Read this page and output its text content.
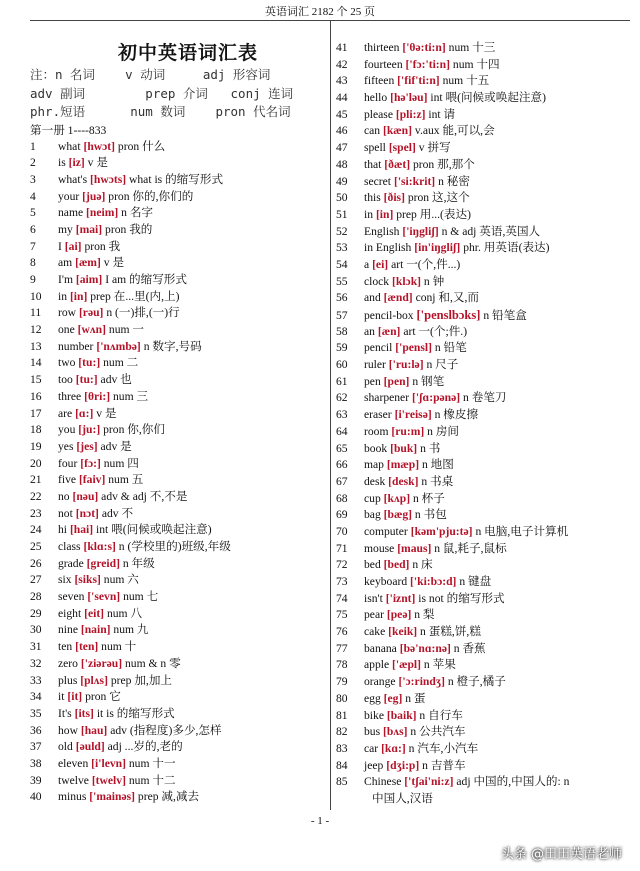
英语词汇 2182 个 25 页
初中英语词汇表
注：n 名词    v 动词     adj 形容词
adv 副词        prep 介词   conj 连词
phr.短语      num 数词    pron 代名词
第一册 1----833
1 what [hwɔt] pron 什么
2 is [iz] v 是
3 what's [hwɔts] what is 的缩写形式
4 your [juə] pron 你的,你们的
5 name [neim] n 名字
6 my [mai] pron 我的
7 I [ai] pron 我
8 am [æm] v 是
9 I'm [aim] I am 的缩写形式
10 in [in] prep 在...里(内,上)
11 row [rəu] n (一)排,(一)行
12 one [wʌn] num 一
13 number ['nʌmbə] n 数字,号码
14 two [tu:] num 二
15 too [tu:] adv 也
16 three [θri:] num 三
17 are [ɑ:] v 是
18 you [ju:] pron 你,你们
19 yes [jes] adv 是
20 four [fɔ:] num 四
21 five [faiv] num 五
22 no [nəu] adv & adj 不,不是
23 not [nɔt] adv 不
24 hi [hai] int 喂(问候或唤起注意)
25 class [klɑ:s] n (学校里的)班级,年级
26 grade [greid] n 年级
27 six [siks] num 六
28 seven ['sevn] num 七
29 eight [eit] num 八
30 nine [nain] num 九
31 ten [ten] num 十
32 zero ['ziərəu] num & n 零
33 plus [plʌs] prep 加,加上
34 it [it] pron 它
35 It's [its] it is 的缩写形式
36 how [hau] adv (指程度)多少,怎样
37 old [əuld] adj ...岁的,老的
38 eleven [i'levn] num 十一
39 twelve [twelv] num 十二
40 minus ['mainəs] prep 减,减去
41 thirteen ['θə:ti:n] num 十三
42 fourteen ['fɔ:'ti:n] num 十四
43 fifteen ['fif'ti:n] num 十五
44 hello [hə'ləu] int 喂(问候或唤起注意)
45 please [pli:z] int 请
46 can [kæn] v.aux 能,可以,会
47 spell [spel] v 拼写
48 that [ðæt] pron 那,那个
49 secret ['si:krit] n 秘密
50 this [ðis] pron 这,这个
51 in [in] prep 用...(表达)
52 English ['iŋgliʃ] n & adj 英语,英国人
53 in English [in'iŋgliʃ] phr. 用英语(表达)
54 a [ei] art 一(个,件...)
55 clock [klɔk] n 钟
56 and [ænd] conj 和,又,而
57 pencil-box ['penslbɔks] n 铅笔盒
58 an [æn] art 一(个;件.)
59 pencil ['pensl] n 铅笔
60 ruler ['ru:lə] n 尺子
61 pen [pen] n 钢笔
62 sharpener ['ʃɑ:pənə] n 卷笔刀
63 eraser [i'reisə] n 橡皮擦
64 room [ru:m] n 房间
65 book [buk] n 书
66 map [mæp] n 地图
67 desk [desk] n 书桌
68 cup [kʌp] n 杯子
69 bag [bæg] n 书包
70 computer [kəm'pju:tə] n 电脑,电子计算机
71 mouse [maus] n 鼠,耗子,鼠标
72 bed [bed] n 床
73 keyboard ['ki:bɔ:d] n 键盘
74 isn't ['iznt] is not 的缩写形式
75 pear [peə] n 梨
76 cake [keik] n 蛋糕,饼,糕
77 banana [bə'nɑ:nə] n 香蕉
78 apple ['æpl] n 苹果
79 orange ['ɔ:rindʒ] n 橙子,橘子
80 egg [eg] n 蛋
81 bike [baik] n 自行车
82 bus [bʌs] n 公共汽车
83 car [kɑ:] n 汽车,小汽车
84 jeep [dʒi:p] n 吉普车
85 Chinese ['tʃai'ni:z] adj 中国的,中国人的: n
中国人,汉语
- 1 -
头条 @田田英语老师
